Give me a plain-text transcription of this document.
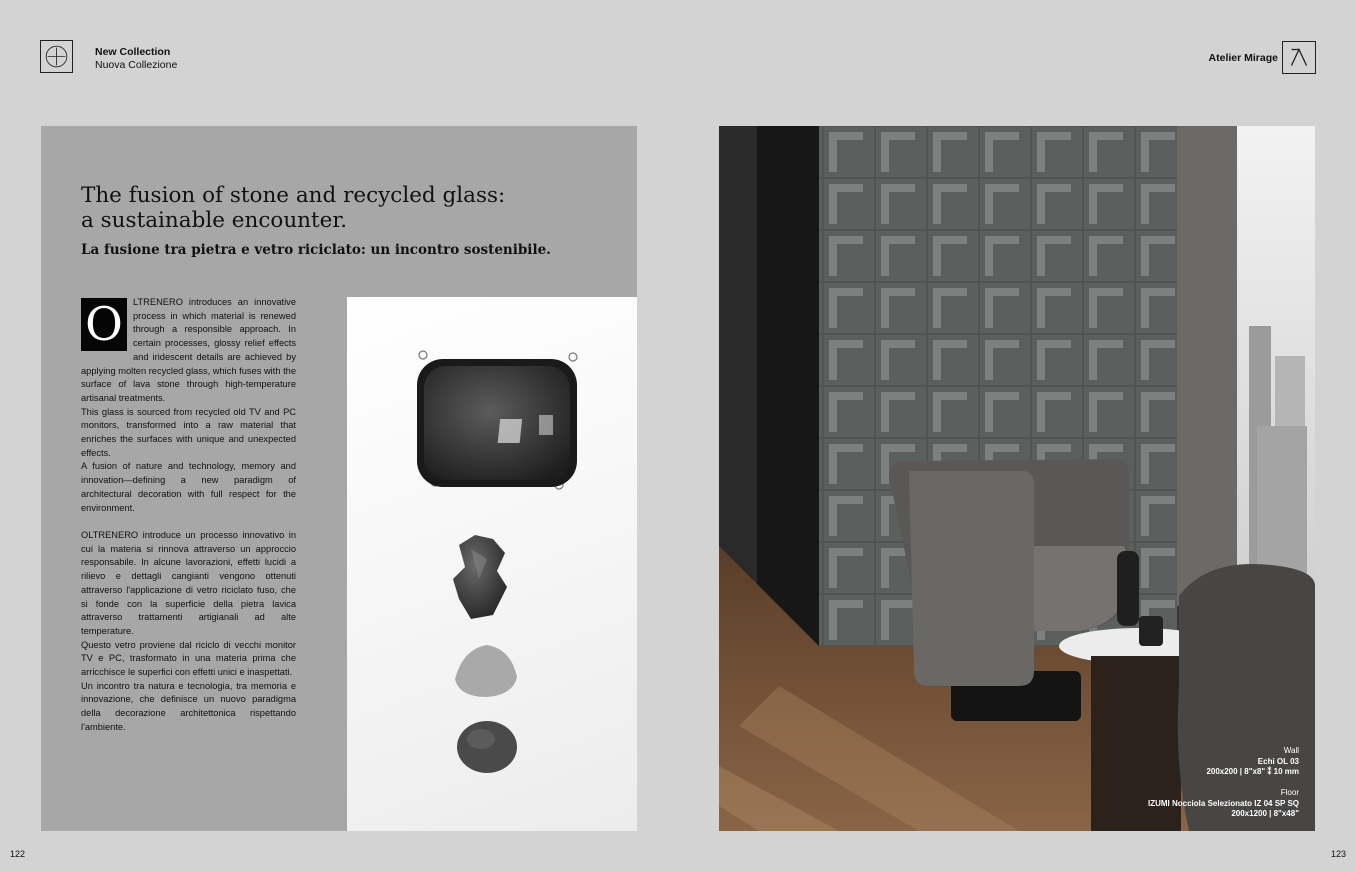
New Collection
Nuova Collezione
Atelier Mirage
The fusion of stone and recycled glass:
a sustainable encounter.
La fusione tra pietra e vetro riciclato: un incontro sostenibile.

O	LTRENERO introduces an innovative process in which material is renewed through a responsible approach. In certain processes, glossy relief effects and iridescent details are achieved by applying molten recycled glass, which fuses with the surface of lava stone through high-temperature artisanal treatments.

This glass is sourced from recycled old TV and PC monitors, transformed into a raw material that enriches the surfaces with unique and unexpected effects.

A fusion of nature and technology, memory and innovation—defining a new paradigm of architectural decoration with full respect for the environment.

OLTRENERO introduce un processo innovativo in cui la materia si rinnova attraverso un approccio responsabile. In alcune lavorazioni, effetti lucidi a rilievo e dettagli cangianti vengono ottenuti attraverso l'applicazione di vetro riciclato fuso, che si fonde con la superficie della pietra lavica attraverso trattamenti artigianali ad alte temperature.

Questo vetro proviene dal riciclo di vecchi monitor TV e PC, trasformato in una materia prima che arricchisce le superfici con effetti unici e inaspettati.

Un incontro tra natura e tecnologia, tra memoria e innovazione, che definisce un nuovo paradigma della decorazione architettonica rispettando l'ambiente.

122
Wall
Echi OL 03
200x200 | 8"x8" ⁑ 10 mm
Floor
IZUMI Nocciola Selezionato IZ 04 SP SQ
200x1200 | 8"x48"
123
